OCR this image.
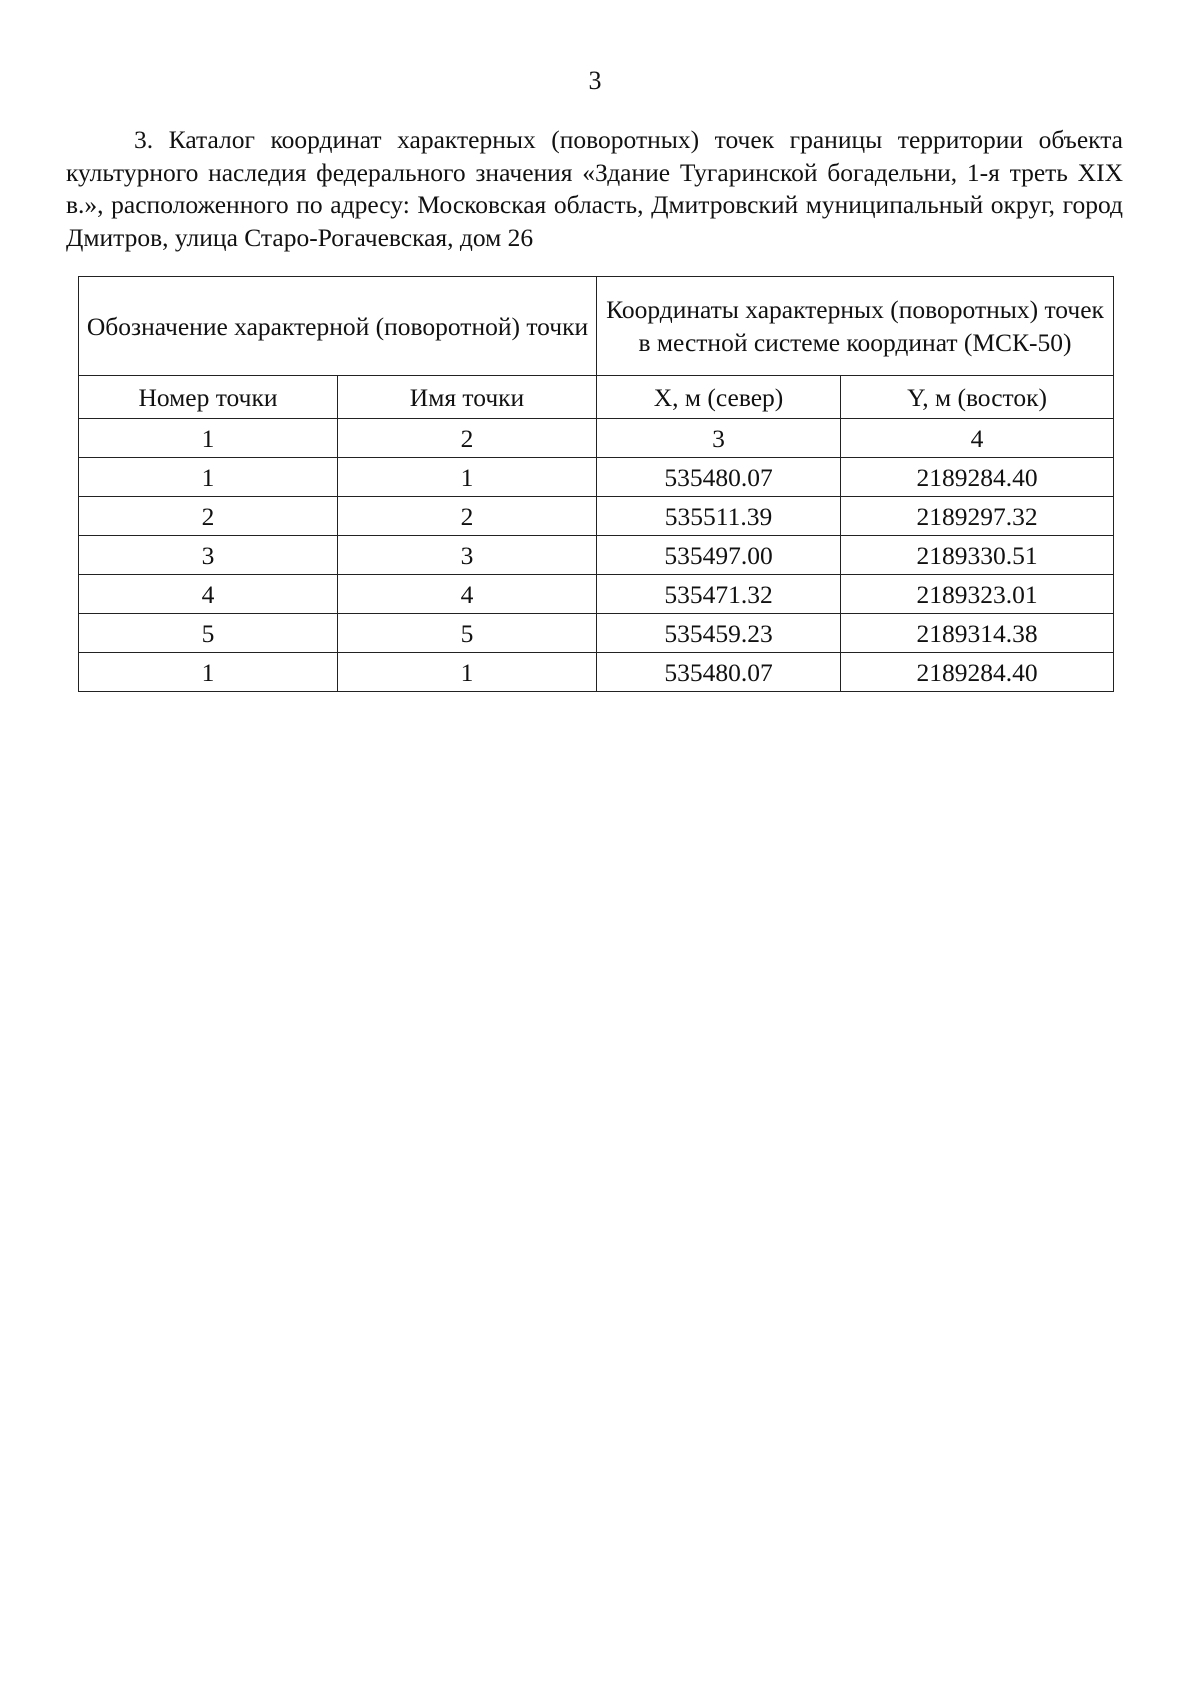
3

3. Каталог координат характерных (поворотных) точек границы территории объекта культурного наследия федерального значения «Здание Тугаринской богадельни, 1-я треть XIX в.», расположенного по адресу: Московская область, Дмитровский муниципальный округ, город Дмитров, улица Старо-Рогачевская, дом 26

Обозначение характерной (поворотной) точки		Координаты характерных (поворотных) точек в местной системе координат (МСК-50)	
Номер точки	Имя точки	X, м (север)	Y, м (восток)
1	2	3	4
1	1	535480.07	2189284.40
2	2	535511.39	2189297.32
3	3	535497.00	2189330.51
4	4	535471.32	2189323.01
5	5	535459.23	2189314.38
1	1	535480.07	2189284.40
